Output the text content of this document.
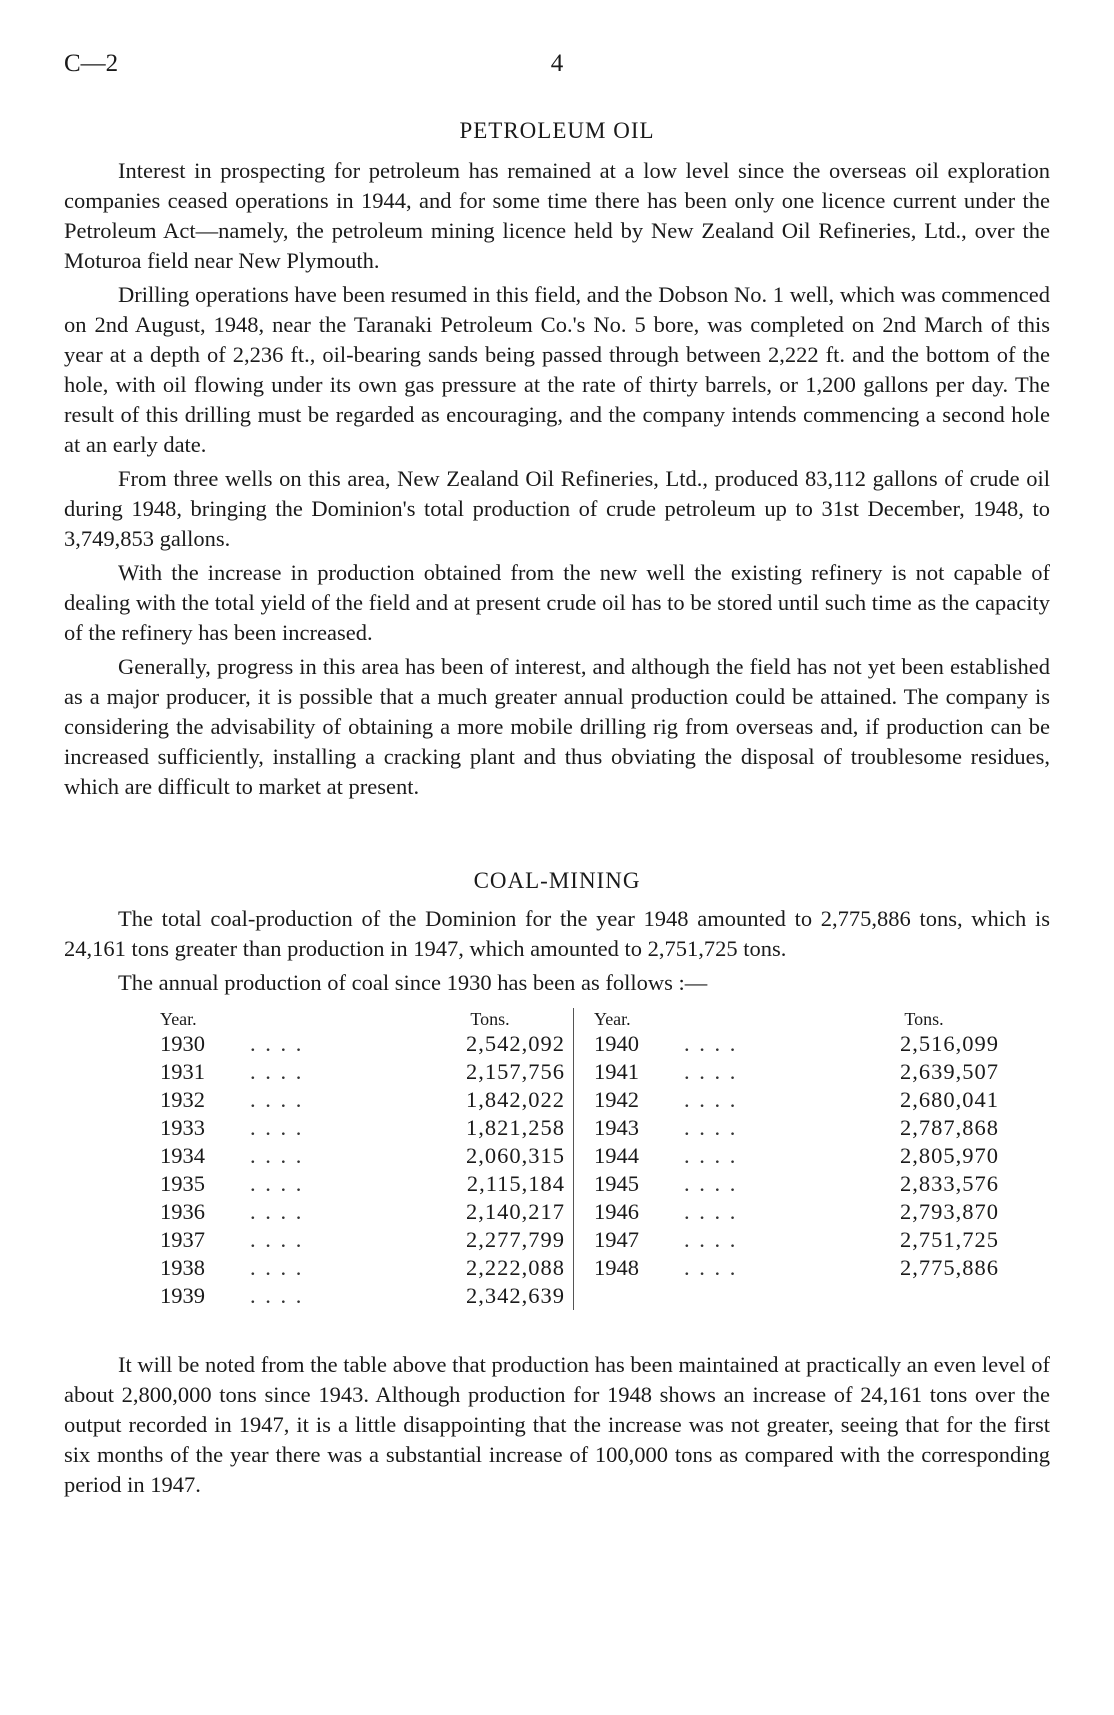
C—2	4
PETROLEUM OIL

Interest in prospecting for petroleum has remained at a low level since the overseas oil exploration companies ceased operations in 1944, and for some time there has been only one licence current under the Petroleum Act—namely, the petroleum mining licence held by New Zealand Oil Refineries, Ltd., over the Moturoa field near New Plymouth.

Drilling operations have been resumed in this field, and the Dobson No. 1 well, which was commenced on 2nd August, 1948, near the Taranaki Petroleum Co.'s No. 5 bore, was completed on 2nd March of this year at a depth of 2,236 ft., oil-bearing sands being passed through between 2,222 ft. and the bottom of the hole, with oil flowing under its own gas pressure at the rate of thirty barrels, or 1,200 gallons per day. The result of this drilling must be regarded as encouraging, and the company intends commencing a second hole at an early date.

From three wells on this area, New Zealand Oil Refineries, Ltd., produced 83,112 gallons of crude oil during 1948, bringing the Dominion's total production of crude petroleum up to 31st December, 1948, to 3,749,853 gallons.

With the increase in production obtained from the new well the existing refinery is not capable of dealing with the total yield of the field and at present crude oil has to be stored until such time as the capacity of the refinery has been increased.

Generally, progress in this area has been of interest, and although the field has not yet been established as a major producer, it is possible that a much greater annual production could be attained. The company is considering the advisability of obtaining a more mobile drilling rig from overseas and, if production can be increased sufficiently, installing a cracking plant and thus obviating the disposal of troublesome residues, which are difficult to market at present.

COAL-MINING

The total coal-production of the Dominion for the year 1948 amounted to 2,775,886 tons, which is 24,161 tons greater than production in 1947, which amounted to 2,751,725 tons.

The annual production of coal since 1930 has been as follows :—

Year.	Tons.
1930	. . . .	2,542,092
1931	. . . .	2,157,756
1932	. . . .	1,842,022
1933	. . . .	1,821,258
1934	. . . .	2,060,315
1935	. . . .	2,115,184
1936	. . . .	2,140,217
1937	. . . .	2,277,799
1938	. . . .	2,222,088
1939	. . . .	2,342,639
Year.	Tons.
1940	. . . .	2,516,099
1941	. . . .	2,639,507
1942	. . . .	2,680,041
1943	. . . .	2,787,868
1944	. . . .	2,805,970
1945	. . . .	2,833,576
1946	. . . .	2,793,870
1947	. . . .	2,751,725
1948	. . . .	2,775,886

It will be noted from the table above that production has been maintained at practically an even level of about 2,800,000 tons since 1943. Although production for 1948 shows an increase of 24,161 tons over the output recorded in 1947, it is a little disappointing that the increase was not greater, seeing that for the first six months of the year there was a substantial increase of 100,000 tons as compared with the corresponding period in 1947.
